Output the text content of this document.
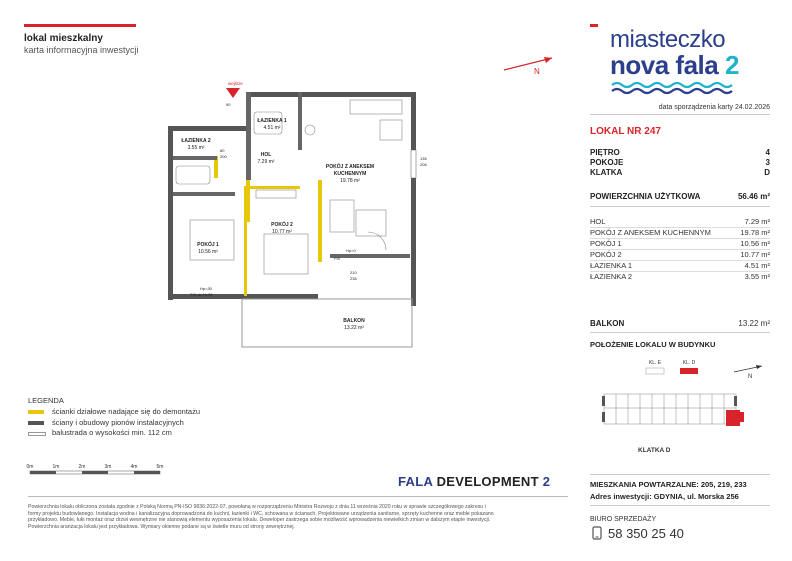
lokal mieszkalny
karta informacyjna inwestycji
N
miasteczko
nova fala 2
data sporządzenia karty 24.02.2026
LOKAL NR 247
PIĘTRO	4
POKOJE	3
KLATKA	D
POWIERZCHNIA UŻYTKOWA	56.46 m²
HOL	7.29 m²
POKÓJ Z ANEKSEM KUCHENNYM	19.78 m²
POKÓJ 1	10.56 m²
POKÓJ 2	10.77 m²
ŁAZIENKA 1	4.51 m²
ŁAZIENKA 2	3.55 m²
BALKON	13.22 m²
POŁOŻENIE LOKALU W BUDYNKU
KL. E	KL. D
KLATKA D
N
MIESZKANIA POWTARZALNE: 205, 219, 233
Adres inwestycji: GDYNIA, ul. Morska 256
BIURO SPRZEDAŻY
58 350 25 40
FALA DEVELOPMENT 2
LEGENDA
ścianki działowe nadające się do demontażu
ściany i obudowy pionów instalacyjnych
balustrada o wysokości min. 112 cm
0m	1m	2m	3m	4m	5m
Powierzchnia lokalu obliczona została zgodnie z Polską Normą PN-ISO 9836:2022-07, powołaną w rozporządzeniu Ministra Rozwoju z dnia 11 września 2020 roku w sprawie szczegółowego zakresu i formy projektu budowlanego. Instalacja wodna i kanalizacyjna doprowadzona do kuchni, łazienki i WC, schowana w ścianach. Projektowane urządzenia sanitarne, sprzęty kuchenne oraz meble pokazano przykładowo. Meble, łuki montaż oraz drzwi wewnętrzne nie stanowią elementu wyposażenia lokalu. Deweloper zastrzega sobie możliwość wprowadzenia niewielkich zmian w dalszym etapie inwestycji. Powierzchnia aranżacja lokalu jest przykładowa. Wymiary okienne podane są w świetle muru od strony zewnętrznej.
wejście
ŁAZIENKA 1
4.51 m²
ŁAZIENKA 2
3.55 m²
HOL
7.29 m²
POKÓJ Z ANEKSEM
KUCHENNYM
19.78 m²
POKÓJ 2
10.77 m²
POKÓJ 1
10.56 m²
BALKON
13.22 m²
80
200
90
135
206
Hp=0
FIX
Hp=30
FIX do H=90
210
236
